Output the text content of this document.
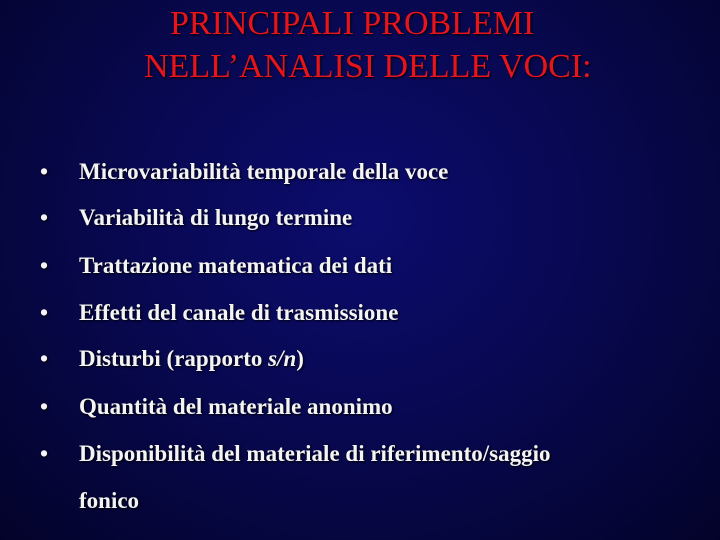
PRINCIPALI PROBLEMI
NELL’ANALISI DELLE VOCI:
•	Microvariabilità temporale della voce
•	Variabilità di lungo termine
•	Trattazione matematica dei dati
•	Effetti del canale di trasmissione
•	Disturbi (rapporto s/n)
•	Quantità del materiale anonimo
•	Disponibilità del materiale di riferimento/saggio
fonico
